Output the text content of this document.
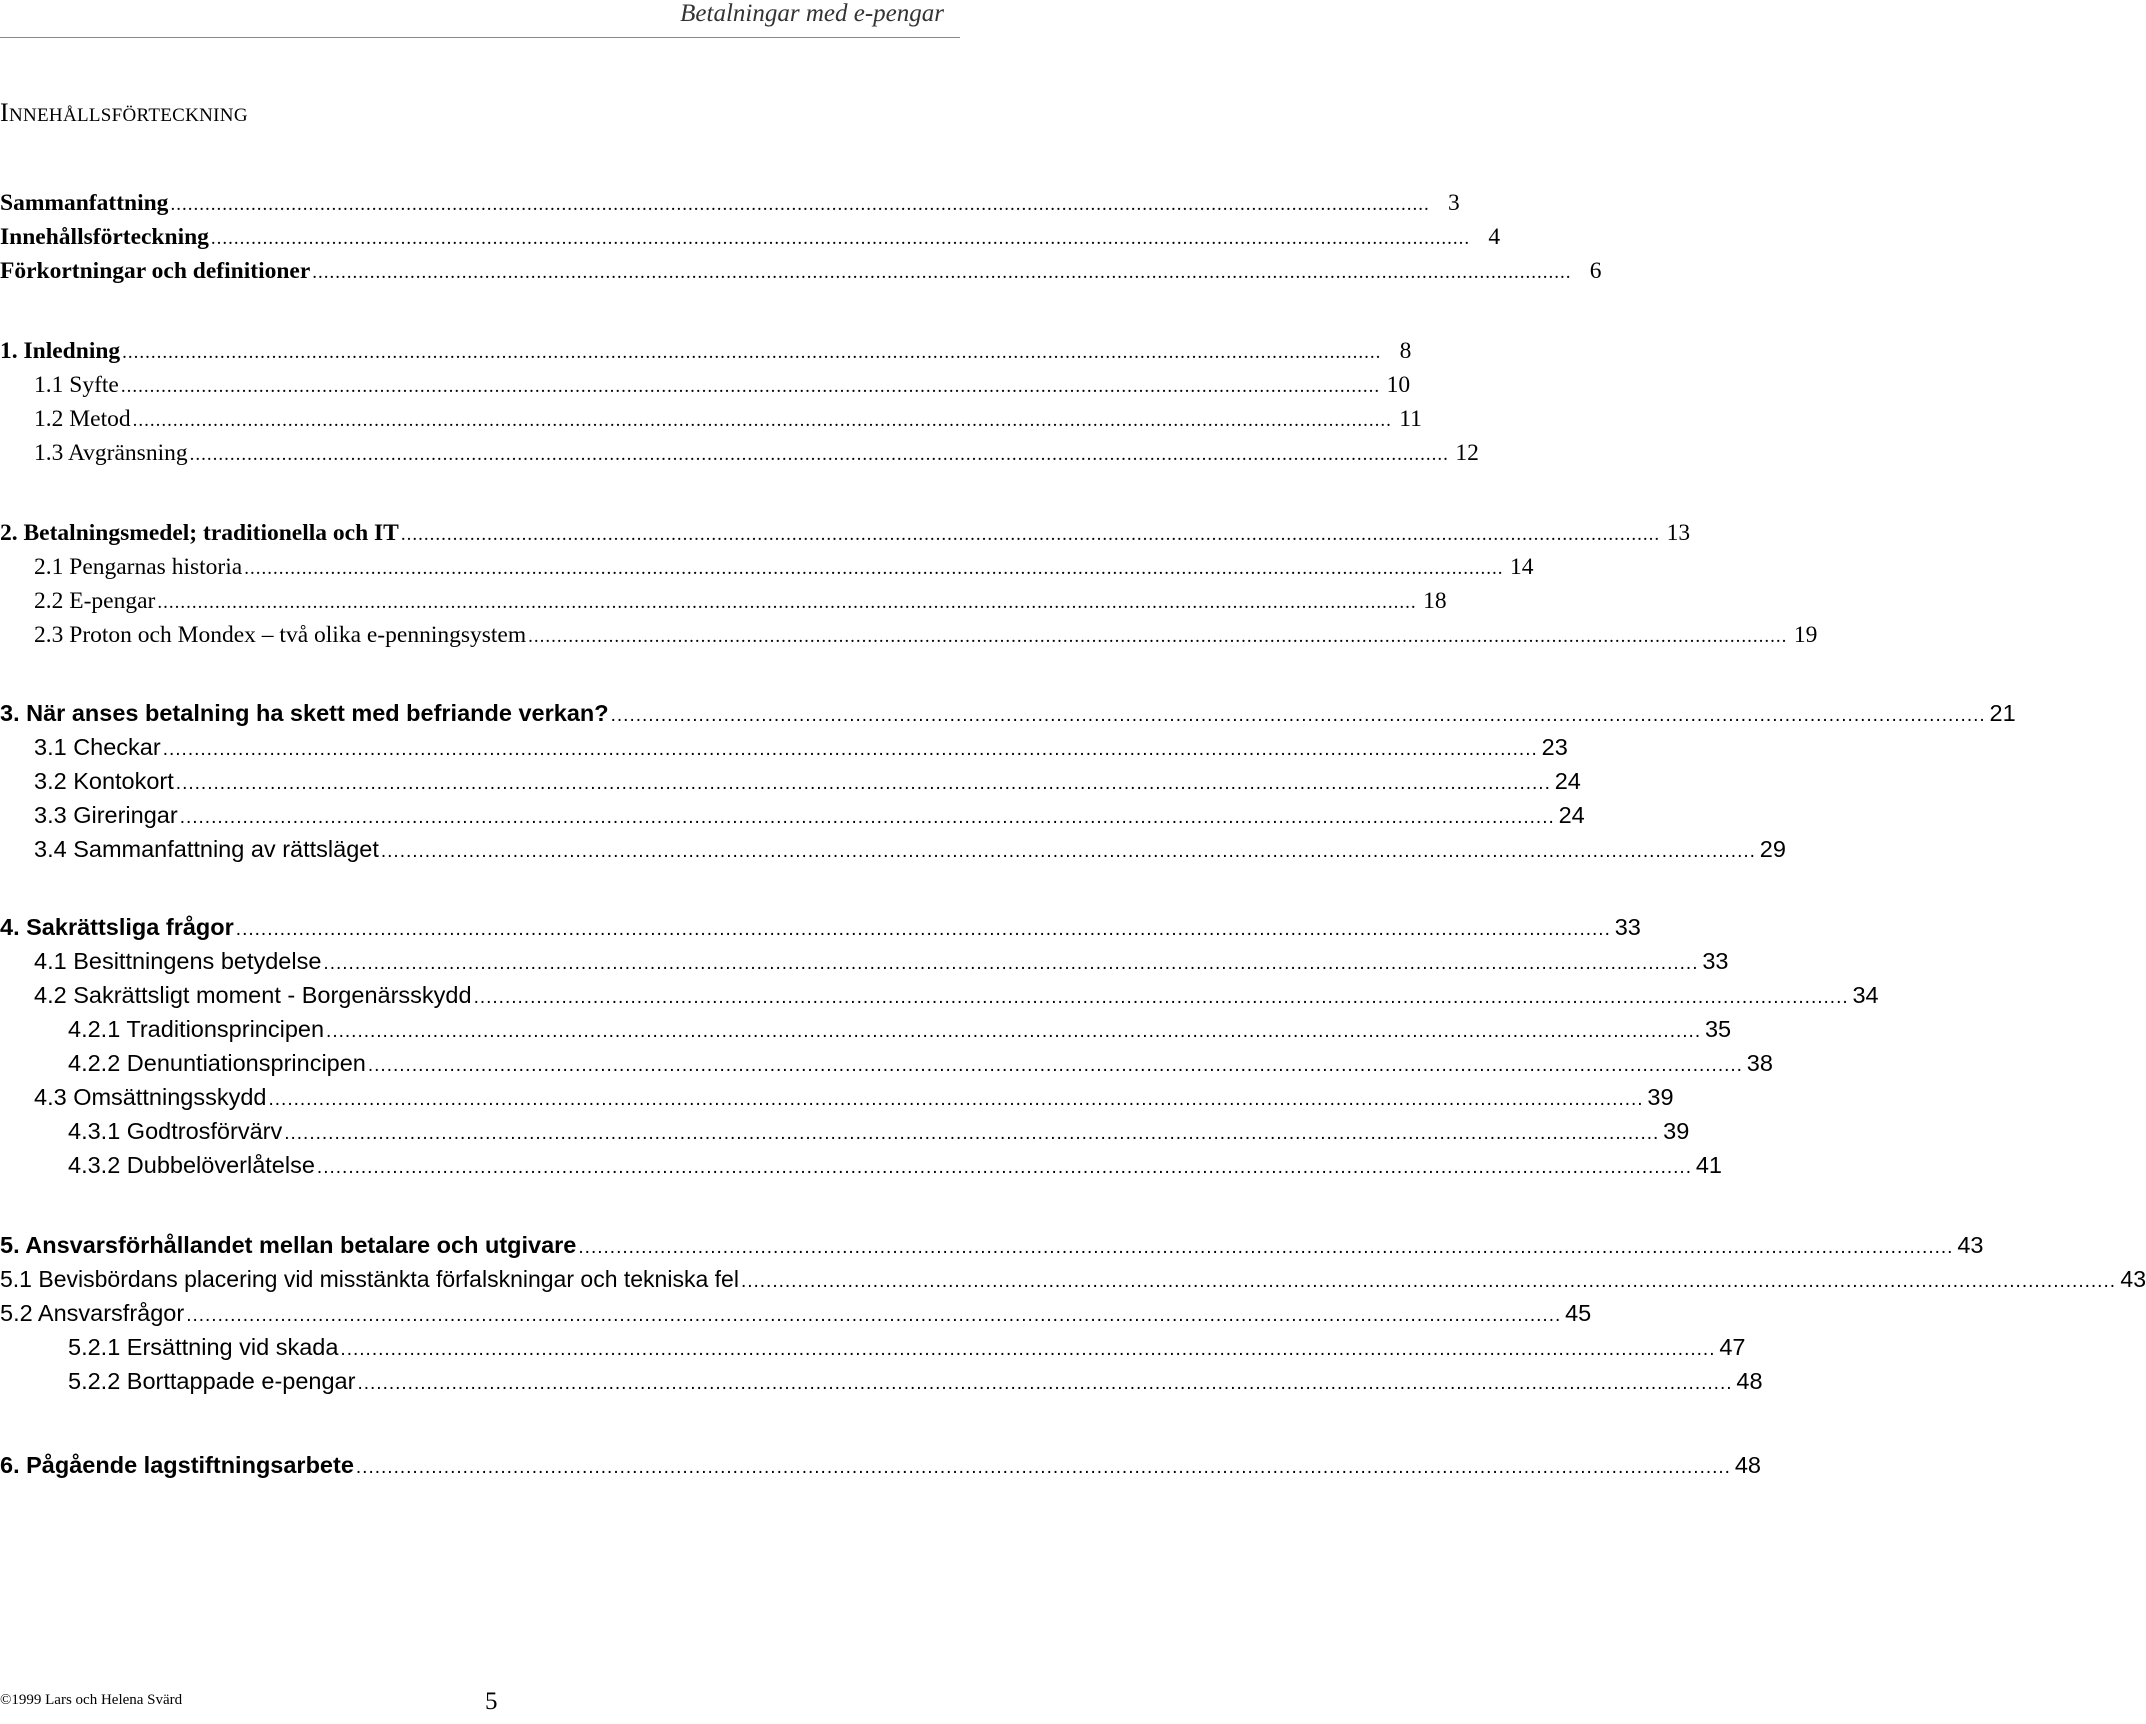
Betalningar med e-pengar
INNEHÅLLSFÖRTECKNING
Sammanfattning ........................................................................................................................................................................................................................... 3
Innehållsförteckning ........................................................................................................................................................................................................................... 4
Förkortningar och definitioner ........................................................................................................................................................................................................................... 6
1. Inledning ........................................................................................................................................................................................................................... 8
1.1 Syfte ........................................................................................................................................................................................................................... 10
1.2 Metod ........................................................................................................................................................................................................................... 11
1.3 Avgränsning ........................................................................................................................................................................................................................... 12
2. Betalningsmedel; traditionella och IT ........................................................................................................................................................................................................................... 13
2.1 Pengarnas historia ........................................................................................................................................................................................................................... 14
2.2 E-pengar ........................................................................................................................................................................................................................... 18
2.3 Proton och Mondex – två olika e-penningsystem ........................................................................................................................................................................................................................... 19
3. När anses betalning ha skett med befriande verkan? ........................................................................................................................................................................................................................... 21
3.1 Checkar ........................................................................................................................................................................................................................... 23
3.2 Kontokort ........................................................................................................................................................................................................................... 24
3.3 Gireringar ........................................................................................................................................................................................................................... 24
3.4 Sammanfattning av rättsläget ........................................................................................................................................................................................................................... 29
4. Sakrättsliga frågor ........................................................................................................................................................................................................................... 33
4.1 Besittningens betydelse ........................................................................................................................................................................................................................... 33
4.2 Sakrättsligt moment - Borgenärsskydd ........................................................................................................................................................................................................................... 34
4.2.1 Traditionsprincipen ........................................................................................................................................................................................................................... 35
4.2.2 Denuntiationsprincipen ........................................................................................................................................................................................................................... 38
4.3 Omsättningsskydd ........................................................................................................................................................................................................................... 39
4.3.1 Godtrosförvärv ........................................................................................................................................................................................................................... 39
4.3.2 Dubbelöverlåtelse ........................................................................................................................................................................................................................... 41
5. Ansvarsförhållandet mellan betalare och utgivare ........................................................................................................................................................................................................................... 43
5.1 Bevisbördans placering vid misstänkta förfalskningar och tekniska fel ........................................................................................................................................................................................................................... 43
5.2 Ansvarsfrågor ........................................................................................................................................................................................................................... 45
5.2.1 Ersättning vid skada ........................................................................................................................................................................................................................... 47
5.2.2 Borttappade e-pengar ........................................................................................................................................................................................................................... 48
6. Pågående lagstiftningsarbete ........................................................................................................................................................................................................................... 48
©1999 Lars och Helena Svärd	5
